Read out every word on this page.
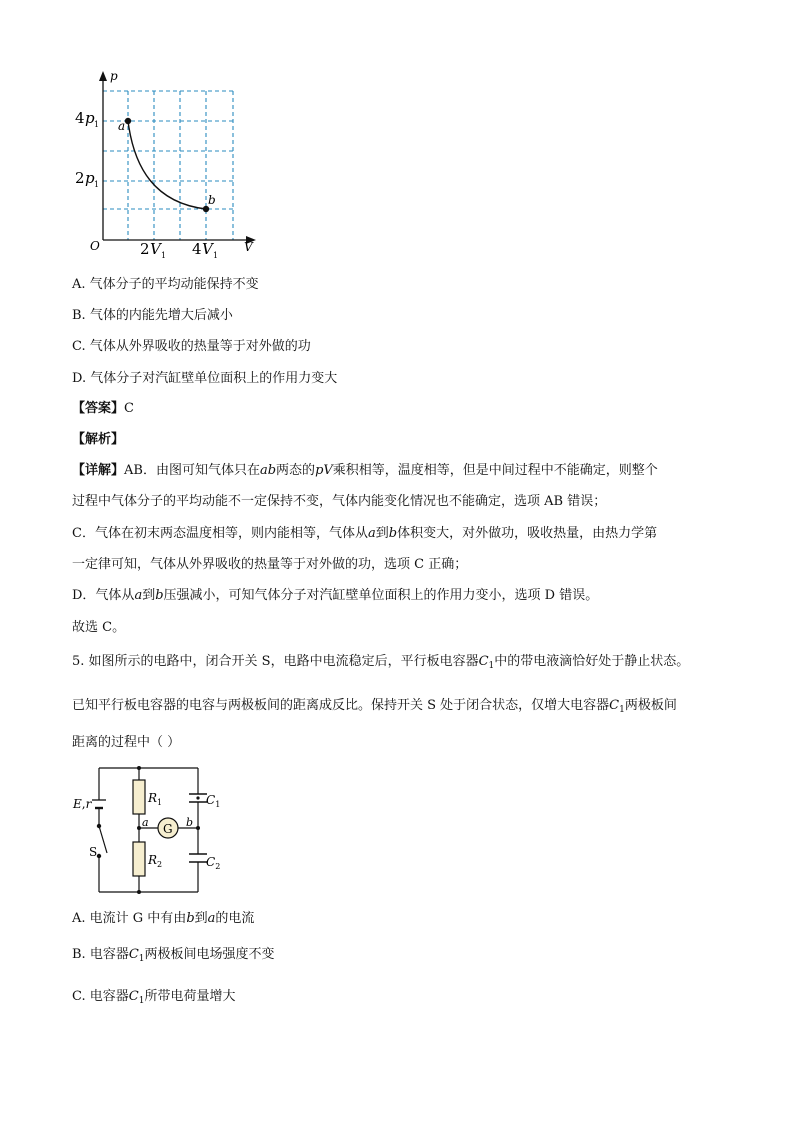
p
V
O
a
b
4 p 1
2 p 1
2 V 1 4 V 1
A. 气体分子的平均动能保持不变
B. 气体的内能先增大后减小
C. 气体从外界吸收的热量等于对外做的功
D. 气体分子对汽缸壁单位面积上的作用力变大
【答案】C
【解析】
【详解】AB．由图可知气体只在ab两态的pV乘积相等，温度相等，但是中间过程中不能确定，则整个
过程中气体分子的平均动能不一定保持不变，气体内能变化情况也不能确定，选项 AB 错误；
C．气体在初末两态温度相等，则内能相等，气体从a到b体积变大，对外做功，吸收热量，由热力学第
一定律可知，气体从外界吸收的热量等于对外做的功，选项 C 正确；
D．气体从a到b压强减小，可知气体分子对汽缸壁单位面积上的作用力变小，选项 D 错误。
故选 C。
5. 如图所示的电路中，闭合开关 S，电路中电流稳定后，平行板电容器$C_1$中的带电液滴恰好处于静止状态。
已知平行板电容器的电容与两极板间的距离成反比。保持开关 S 处于闭合状态，仅增大电容器$C_1$两极板间
距离的过程中（ ）
G
E,r
S
$R_1$
$R_2$
$C_1$
$C_2$
a	b
A. 电流计 G 中有由b到a的电流
B. 电容器$C_1$两极板间电场强度不变
C. 电容器$C_1$所带电荷量增大
